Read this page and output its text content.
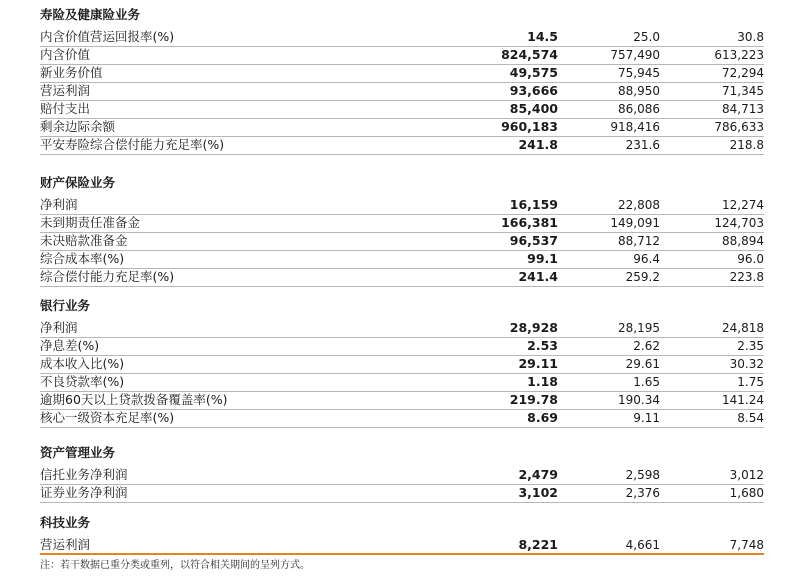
寿险及健康险业务
内含价值营运回报率(%)	14.5	25.0	30.8
内含价值	824,574	757,490	613,223
新业务价值	49,575	75,945	72,294
营运利润	93,666	88,950	71,345
赔付支出	85,400	86,086	84,713
剩余边际余额	960,183	918,416	786,633
平安寿险综合偿付能力充足率(%)	241.8	231.6	218.8
财产保险业务
净利润	16,159	22,808	12,274
未到期责任准备金	166,381	149,091	124,703
未决赔款准备金	96,537	88,712	88,894
综合成本率(%)	99.1	96.4	96.0
综合偿付能力充足率(%)	241.4	259.2	223.8
银行业务
净利润	28,928	28,195	24,818
净息差(%)	2.53	2.62	2.35
成本收入比(%)	29.11	29.61	30.32
不良贷款率(%)	1.18	1.65	1.75
逾期60天以上贷款拨备覆盖率(%)	219.78	190.34	141.24
核心一级资本充足率(%)	8.69	9.11	8.54
资产管理业务
信托业务净利润	2,479	2,598	3,012
证券业务净利润	3,102	2,376	1,680
科技业务
营运利润	8,221	4,661	7,748
注：若干数据已重分类或重列，以符合相关期间的呈列方式。
